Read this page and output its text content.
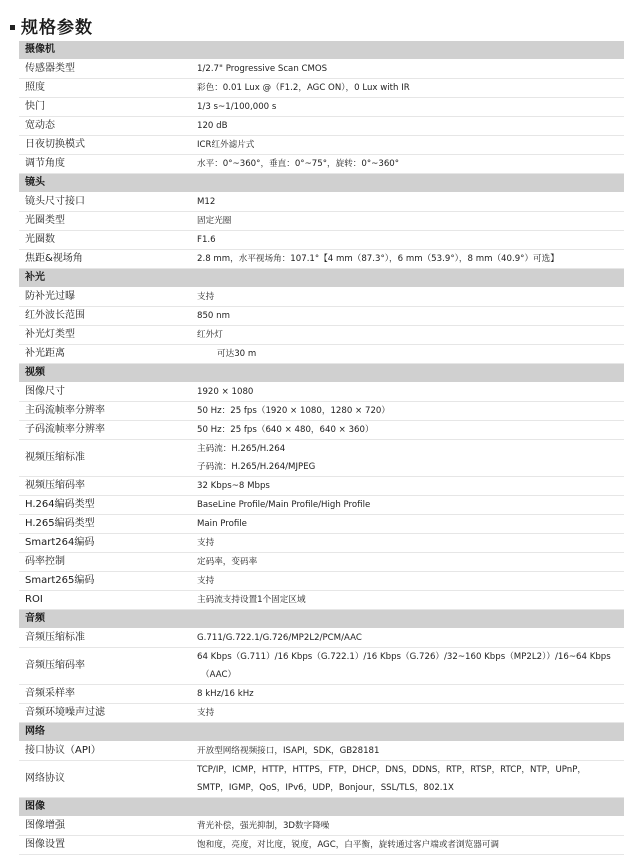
规格参数
摄像机	
传感器类型	1/2.7" Progressive Scan CMOS
照度	彩色：0.01 Lux @（F1.2，AGC ON），0 Lux with IR
快门	1/3 s~1/100,000 s
宽动态	120 dB
日夜切换模式	ICR红外滤片式
调节角度	水平：0°~360°，垂直：0°~75°，旋转：0°~360°
镜头	
镜头尺寸接口	M12
光圈类型	固定光圈
光圈数	F1.6
焦距&视场角	2.8 mm，水平视场角：107.1°【4 mm（87.3°），6 mm（53.9°），8 mm（40.9°）可选】
补光	
防补光过曝	支持
红外波长范围	850 nm
补光灯类型	红外灯
补光距离	可达30 m
视频	
图像尺寸	1920 × 1080
主码流帧率分辨率	50 Hz：25 fps（1920 × 1080，1280 × 720）
子码流帧率分辨率	50 Hz：25 fps（640 × 480，640 × 360）
视频压缩标准	主码流：H.265/H.264
子码流：H.265/H.264/MJPEG

视频压缩码率	32 Kbps~8 Mbps
H.264编码类型	BaseLine Profile/Main Profile/High Profile
H.265编码类型	Main Profile
Smart264编码	支持
码率控制	定码率，变码率
Smart265编码	支持
ROI	主码流支持设置1个固定区域
音频	
音频压缩标准	G.711/G.722.1/G.726/MP2L2/PCM/AAC
音频压缩码率	64 Kbps（G.711）/16 Kbps（G.722.1）/16 Kbps（G.726）/32~160 Kbps（MP2L2））/16~64 Kbps
（AAC）

音频采样率	8 kHz/16 kHz
音频环境噪声过滤	支持
网络	
接口协议（API）	开放型网络视频接口，ISAPI，SDK，GB28181
网络协议	TCP/IP，ICMP，HTTP，HTTPS，FTP，DHCP，DNS，DDNS，RTP，RTSP，RTCP，NTP，UPnP，
SMTP，IGMP，QoS，IPv6，UDP，Bonjour，SSL/TLS，802.1X

图像	
图像增强	背光补偿，强光抑制，3D数字降噪
图像设置	饱和度，亮度，对比度，锐度，AGC，白平衡，旋转通过客户端或者浏览器可调
